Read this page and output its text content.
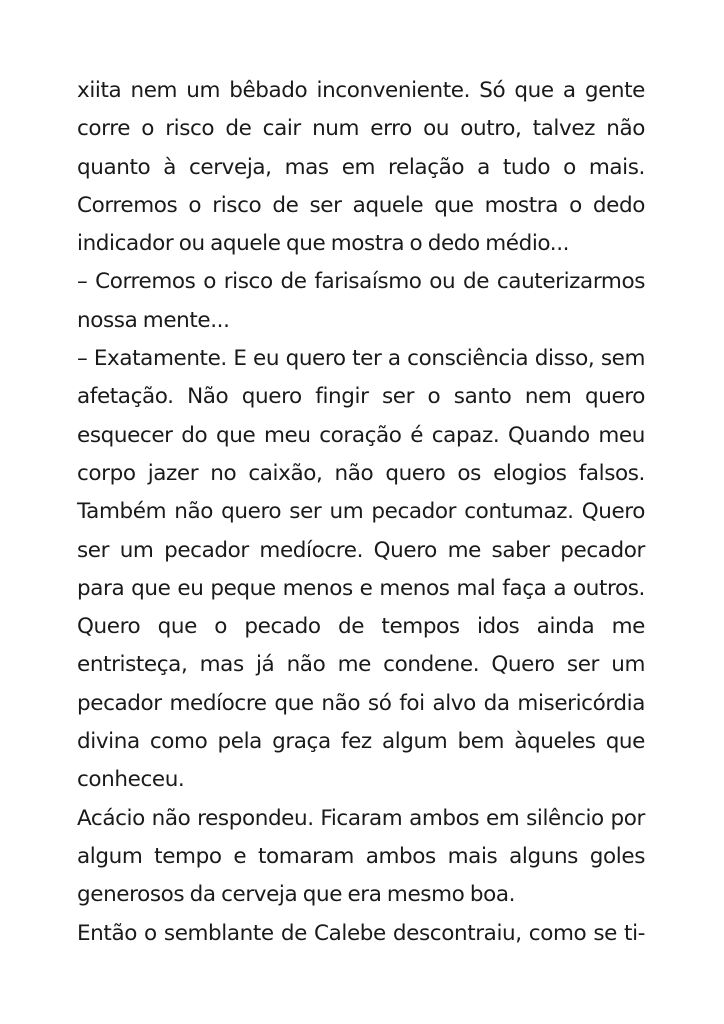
xiita nem um bêbado inconveniente. Só que a gente
corre o risco de cair num erro ou outro, talvez não
quanto à cerveja, mas em relação a tudo o mais.
Corremos o risco de ser aquele que mostra o dedo
indicador ou aquele que mostra o dedo médio...
– Corremos o risco de farisaísmo ou de cauterizarmos
nossa mente...
– Exatamente. E eu quero ter a consciência disso, sem
afetação. Não quero fingir ser o santo nem quero
esquecer do que meu coração é capaz. Quando meu
corpo jazer no caixão, não quero os elogios falsos.
Também não quero ser um pecador contumaz. Quero
ser um pecador medíocre. Quero me saber pecador
para que eu peque menos e menos mal faça a outros.
Quero que o pecado de tempos idos ainda me
entristeça, mas já não me condene. Quero ser um
pecador medíocre que não só foi alvo da misericórdia
divina como pela graça fez algum bem àqueles que
conheceu.
Acácio não respondeu. Ficaram ambos em silêncio por
algum tempo e tomaram ambos mais alguns goles
generosos da cerveja que era mesmo boa.
Então o semblante de Calebe descontraiu, como se ti-
